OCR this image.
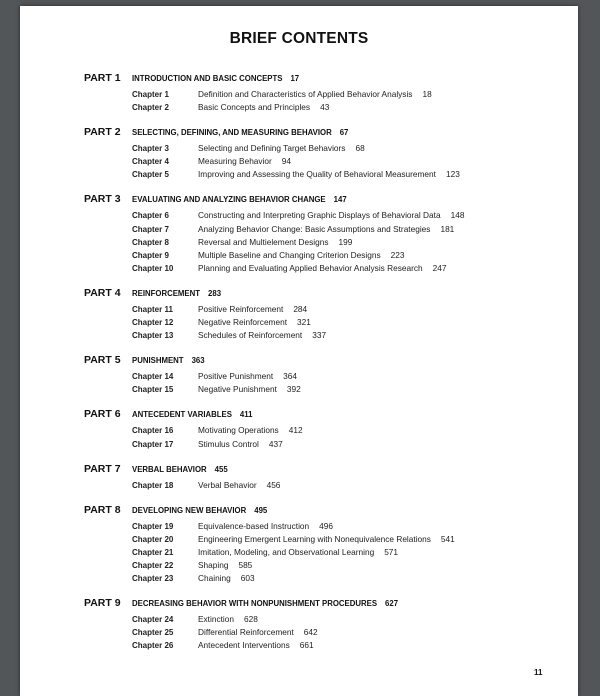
BRIEF CONTENTS
PART 1	INTRODUCTION AND BASIC CONCEPTS 17
Chapter 1	Definition and Characteristics of Applied Behavior Analysis 18
Chapter 2	Basic Concepts and Principles 43
PART 2	SELECTING, DEFINING, AND MEASURING BEHAVIOR 67
Chapter 3	Selecting and Defining Target Behaviors 68
Chapter 4	Measuring Behavior 94
Chapter 5	Improving and Assessing the Quality of Behavioral Measurement 123
PART 3	EVALUATING AND ANALYZING BEHAVIOR CHANGE 147
Chapter 6	Constructing and Interpreting Graphic Displays of Behavioral Data 148
Chapter 7	Analyzing Behavior Change: Basic Assumptions and Strategies 181
Chapter 8	Reversal and Multielement Designs 199
Chapter 9	Multiple Baseline and Changing Criterion Designs 223
Chapter 10	Planning and Evaluating Applied Behavior Analysis Research 247
PART 4	REINFORCEMENT 283
Chapter 11	Positive Reinforcement 284
Chapter 12	Negative Reinforcement 321
Chapter 13	Schedules of Reinforcement 337
PART 5	PUNISHMENT 363
Chapter 14	Positive Punishment 364
Chapter 15	Negative Punishment 392
PART 6	ANTECEDENT VARIABLES 411
Chapter 16	Motivating Operations 412
Chapter 17	Stimulus Control 437
PART 7	VERBAL BEHAVIOR 455
Chapter 18	Verbal Behavior 456
PART 8	DEVELOPING NEW BEHAVIOR 495
Chapter 19	Equivalence-based Instruction 496
Chapter 20	Engineering Emergent Learning with Nonequivalence Relations 541
Chapter 21	Imitation, Modeling, and Observational Learning 571
Chapter 22	Shaping 585
Chapter 23	Chaining 603
PART 9	DECREASING BEHAVIOR WITH NONPUNISHMENT PROCEDURES 627
Chapter 24	Extinction 628
Chapter 25	Differential Reinforcement 642
Chapter 26	Antecedent Interventions 661
11
